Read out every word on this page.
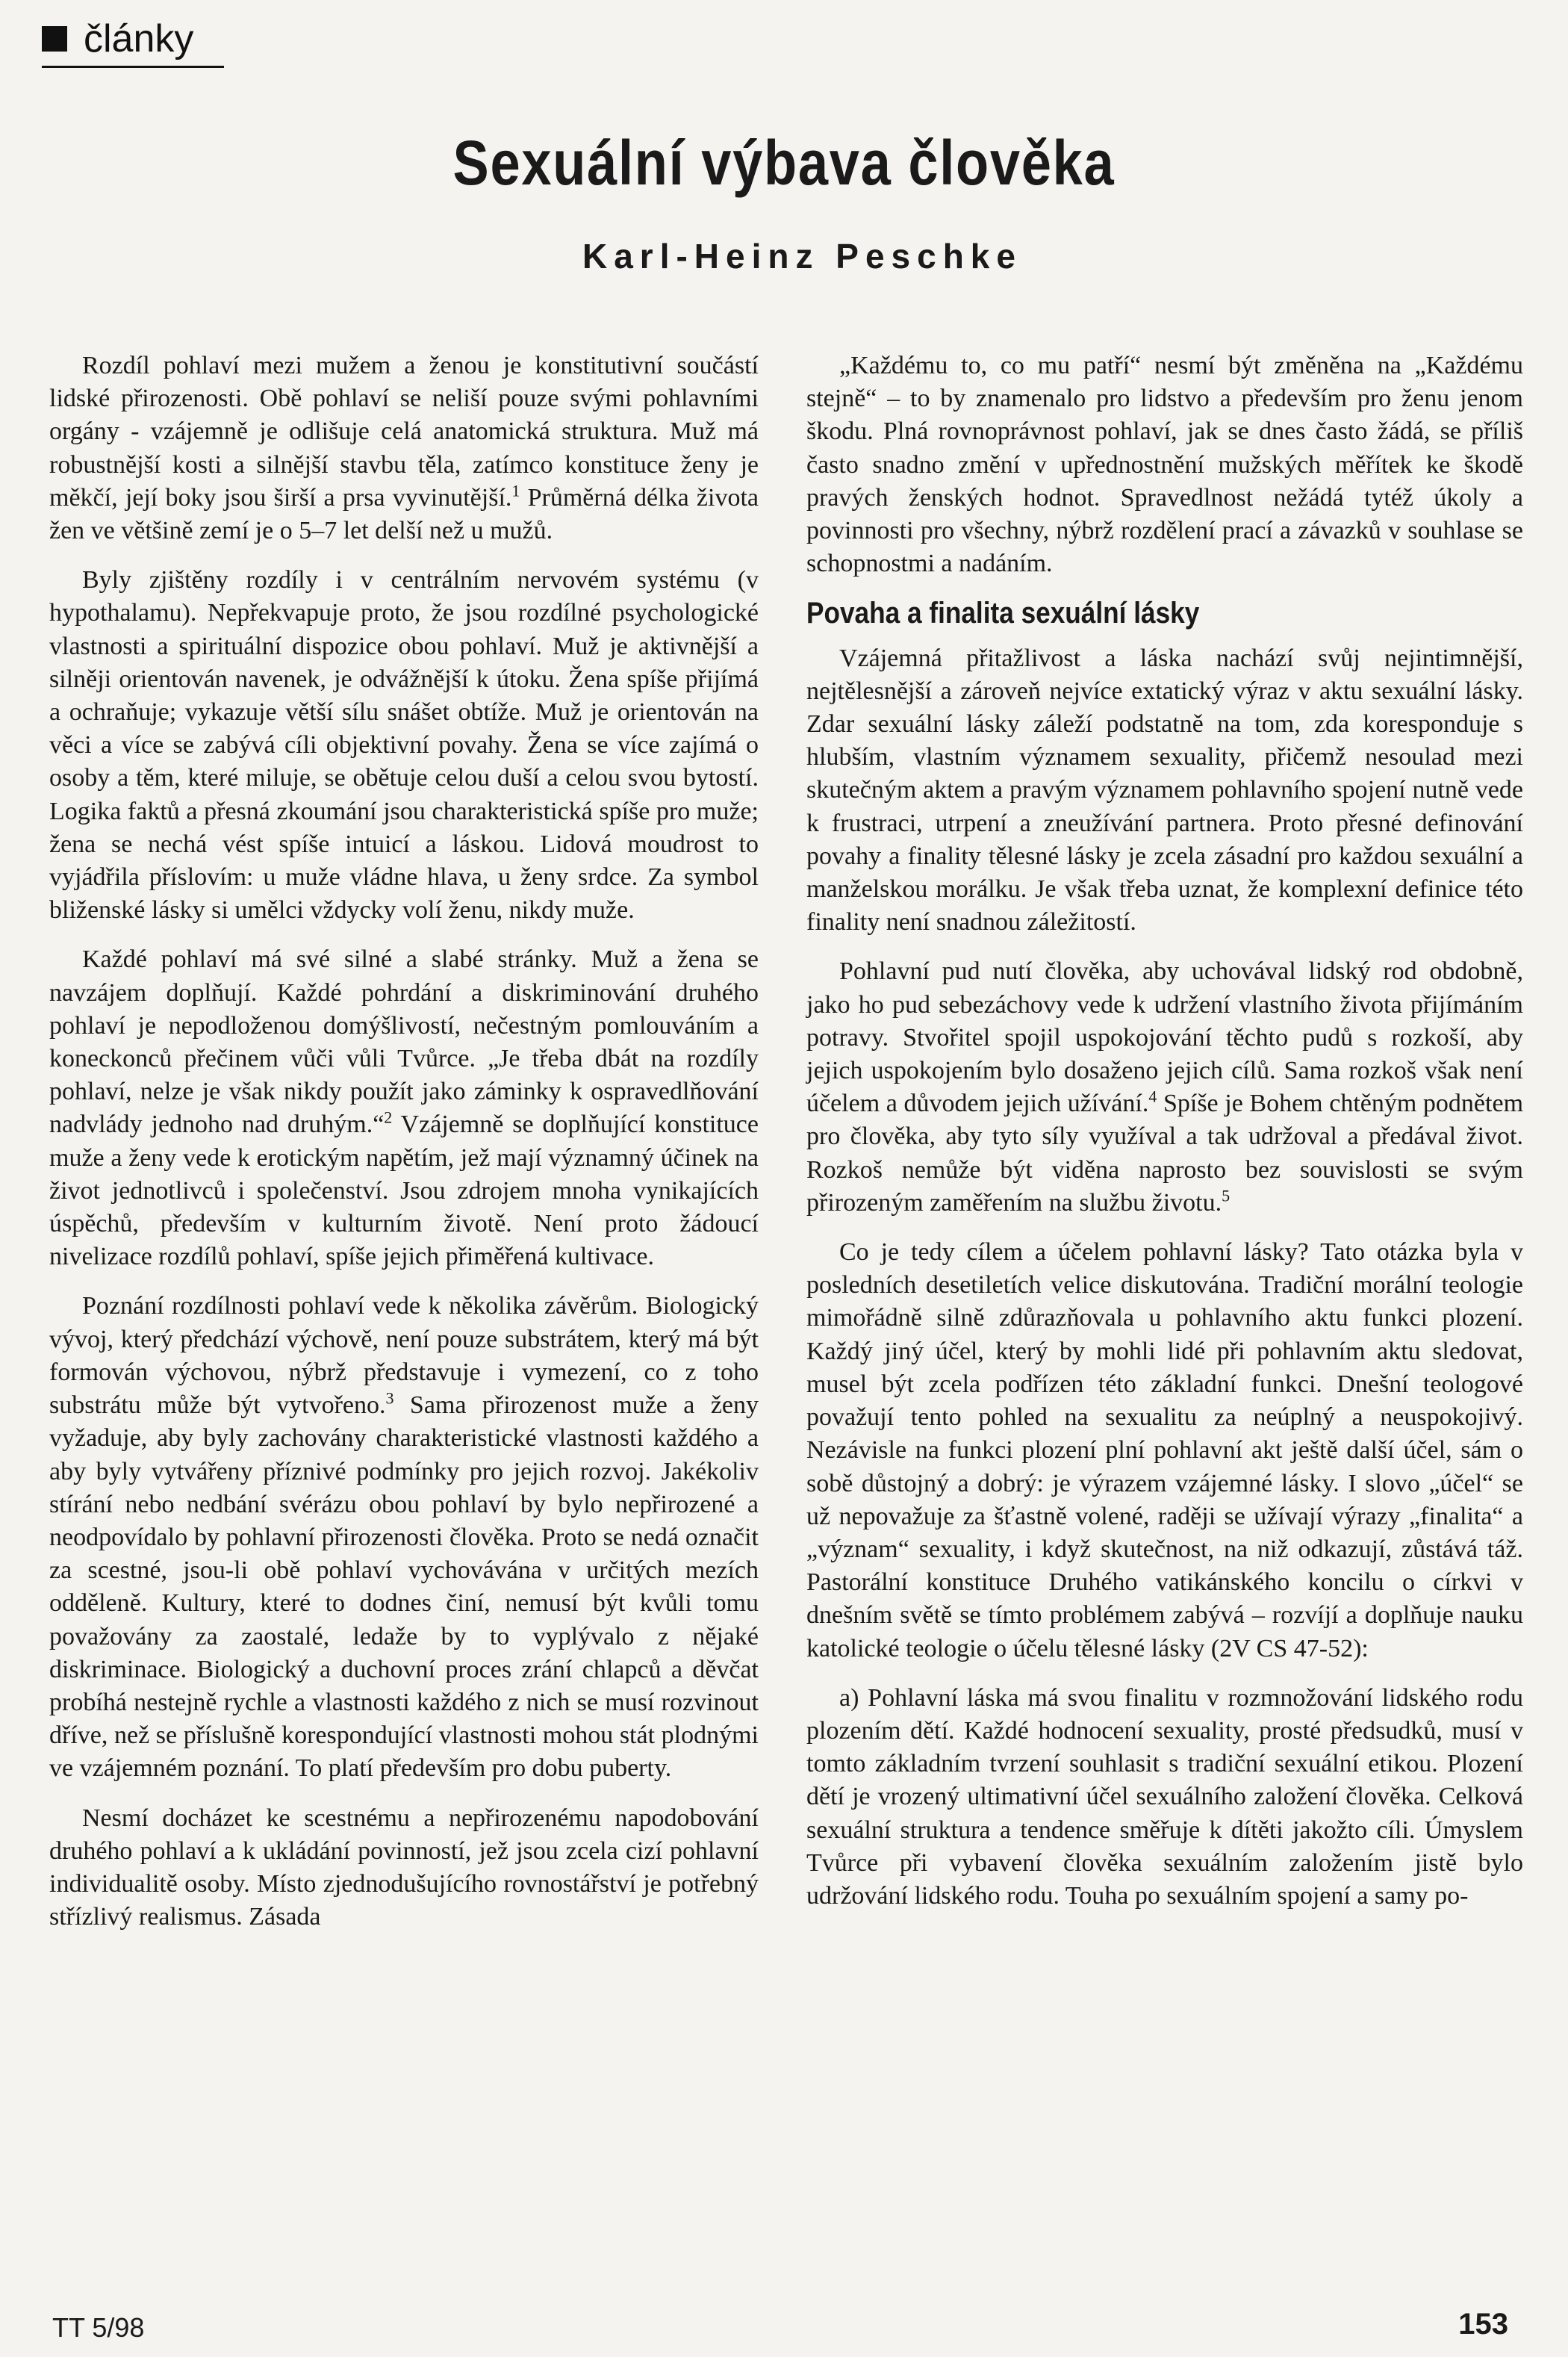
články
Sexuální výbava člověka
Karl-Heinz Peschke

Rozdíl pohlaví mezi mužem a ženou je konstitutivní součástí lidské přirozenosti. Obě pohlaví se neliší pouze svými pohlavními orgány - vzájemně je odlišuje celá anatomická struktura. Muž má robustnější kosti a silnější stavbu těla, zatímco konstituce ženy je měkčí, její boky jsou širší a prsa vyvinutější.$^1$ Průměrná délka života žen ve většině zemí je o 5–7 let delší než u mužů.

Byly zjištěny rozdíly i v centrálním nervovém systému (v hypothalamu). Nepřekvapuje proto, že jsou rozdílné psychologické vlastnosti a spirituální dispozice obou pohlaví. Muž je aktivnější a silněji orientován navenek, je odvážnější k útoku. Žena spíše přijímá a ochraňuje; vykazuje větší sílu snášet obtíže. Muž je orientován na věci a více se zabývá cíli objektivní povahy. Žena se více zajímá o osoby a těm, které miluje, se obětuje celou duší a celou svou bytostí. Logika faktů a přesná zkoumání jsou charakteristická spíše pro muže; žena se nechá vést spíše intuicí a láskou. Lidová moudrost to vyjádřila příslovím: u muže vládne hlava, u ženy srdce. Za symbol bliženské lásky si umělci vždycky volí ženu, nikdy muže.

Každé pohlaví má své silné a slabé stránky. Muž a žena se navzájem doplňují. Každé pohrdání a diskriminování druhého pohlaví je nepodloženou domýšlivostí, nečestným pomlouváním a koneckonců přečinem vůči vůli Tvůrce. „Je třeba dbát na rozdíly pohlaví, nelze je však nikdy použít jako záminky k ospravedlňování nadvlády jednoho nad druhým.“$^2$ Vzájemně se doplňující konstituce muže a ženy vede k erotickým napětím, jež mají významný účinek na život jednotlivců i společenství. Jsou zdrojem mnoha vynikajících úspěchů, především v kulturním životě. Není proto žádoucí nivelizace rozdílů pohlaví, spíše jejich přiměřená kultivace.

Poznání rozdílnosti pohlaví vede k několika závěrům. Biologický vývoj, který předchází výchově, není pouze substrátem, který má být formován výchovou, nýbrž představuje i vymezení, co z toho substrátu může být vytvořeno.$^3$ Sama přirozenost muže a ženy vyžaduje, aby byly zachovány charakteristické vlastnosti každého a aby byly vytvářeny příznivé podmínky pro jejich rozvoj. Jakékoliv stírání nebo nedbání svérázu obou pohlaví by bylo nepřirozené a neodpovídalo by pohlavní přirozenosti člověka. Proto se nedá označit za scestné, jsou-li obě pohlaví vychovávána v určitých mezích odděleně. Kultury, které to dodnes činí, nemusí být kvůli tomu považovány za zaostalé, ledaže by to vyplývalo z nějaké diskriminace. Biologický a duchovní proces zrání chlapců a děvčat probíhá nestejně rychle a vlastnosti každého z nich se musí rozvinout dříve, než se příslušně korespondující vlastnosti mohou stát plodnými ve vzájemném poznání. To platí především pro dobu puberty.

Nesmí docházet ke scestnému a nepřirozenému napodobování druhého pohlaví a k ukládání povinností, jež jsou zcela cizí pohlavní individualitě osoby. Místo zjednodušujícího rovnostářství je potřebný střízlivý realismus. Zásada

„Každému to, co mu patří“ nesmí být změněna na „Každému stejně“ – to by znamenalo pro lidstvo a především pro ženu jenom škodu. Plná rovnoprávnost pohlaví, jak se dnes často žádá, se příliš často snadno změní v upřednostnění mužských měřítek ke škodě pravých ženských hodnot. Spravedlnost nežádá tytéž úkoly a povinnosti pro všechny, nýbrž rozdělení prací a závazků v souhlase se schopnostmi a nadáním.

Povaha a finalita sexuální lásky

Vzájemná přitažlivost a láska nachází svůj nejintimnější, nejtělesnější a zároveň nejvíce extatický výraz v aktu sexuální lásky. Zdar sexuální lásky záleží podstatně na tom, zda koresponduje s hlubším, vlastním významem sexuality, přičemž nesoulad mezi skutečným aktem a pravým významem pohlavního spojení nutně vede k frustraci, utrpení a zneužívání partnera. Proto přesné definování povahy a finality tělesné lásky je zcela zásadní pro každou sexuální a manželskou morálku. Je však třeba uznat, že komplexní definice této finality není snadnou záležitostí.

Pohlavní pud nutí člověka, aby uchovával lidský rod obdobně, jako ho pud sebezáchovy vede k udržení vlastního života přijímáním potravy. Stvořitel spojil uspokojování těchto pudů s rozkoší, aby jejich uspokojením bylo dosaženo jejich cílů. Sama rozkoš však není účelem a důvodem jejich užívání.$^4$ Spíše je Bohem chtěným podnětem pro člověka, aby tyto síly využíval a tak udržoval a předával život. Rozkoš nemůže být viděna naprosto bez souvislosti se svým přirozeným zaměřením na službu životu.$^5$

Co je tedy cílem a účelem pohlavní lásky? Tato otázka byla v posledních desetiletích velice diskutována. Tradiční morální teologie mimořádně silně zdůrazňovala u pohlavního aktu funkci plození. Každý jiný účel, který by mohli lidé při pohlavním aktu sledovat, musel být zcela podřízen této základní funkci. Dnešní teologové považují tento pohled na sexualitu za neúplný a neuspokojivý. Nezávisle na funkci plození plní pohlavní akt ještě další účel, sám o sobě důstojný a dobrý: je výrazem vzájemné lásky. I slovo „účel“ se už nepovažuje za šťastně volené, raději se užívají výrazy „finalita“ a „význam“ sexuality, i když skutečnost, na niž odkazují, zůstává táž. Pastorální konstituce Druhého vatikánského koncilu o církvi v dnešním světě se tímto problémem zabývá – rozvíjí a doplňuje nauku katolické teologie o účelu tělesné lásky (2V CS 47-52):

a) Pohlavní láska má svou finalitu v rozmnožování lidského rodu plozením dětí. Každé hodnocení sexuality, prosté předsudků, musí v tomto základním tvrzení souhlasit s tradiční sexuální etikou. Plození dětí je vrozený ultimativní účel sexuálního založení člověka. Celková sexuální struktura a tendence směřuje k dítěti jakožto cíli. Úmyslem Tvůrce při vybavení člověka sexuálním založením jistě bylo udržování lidského rodu. Touha po sexuálním spojení a samy po-

TT 5/98	153
